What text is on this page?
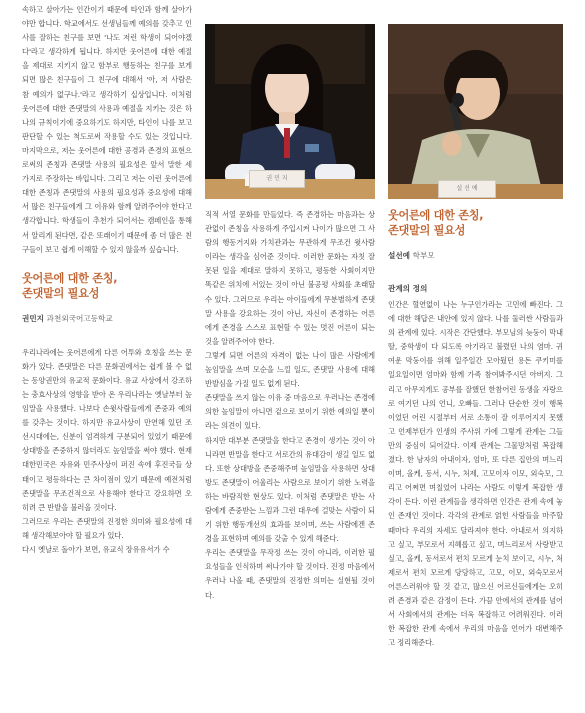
속하고 살아가는 인간이기 때문에 타인과 함께 살아가야만 합니다. 학교에서도 선생님들께 예의를 갖추고 인사를 잘하는 친구를 보면 '나도 저런 학생이 되어야겠다'라고 생각하게 됩니다. 하지만 웃어른에 대한 예절을 제대로 지키지 않고 함부로 행동하는 친구를 보게 되면 많은 친구들이 그 친구에 대해서 '아, 저 사람은 참 예의가 없구나.'라고 생각하기 십상입니다. 이처럼 웃어른에 대한 존댓말의 사용과 예절을 지키는 것은 하나의 규칙이기에 중요하기도 하지만, 타인이 나를 보고 판단할 수 있는 척도로써 작용할 수도 있는 것입니다. 마지막으로, 저는 웃어른에 대한 공경과 존경의 표현으로써의 존칭과 존댓말 사용의 필요성은 앞서 말한 세 가지로 주장하는 바입니다. 그리고 저는 이런 웃어른에 대한 존칭과 존댓말의 사용의 필요성과 중요성에 대해서 많은 친구들에게 그 이유와 함께 알려주어야 한다고 생각합니다. 학생들이 추천가 되어서는 캠페인을 통해서 알리게 된다면, 같은 또래이기 때문에 좀 더 많은 친구들이 보고 쉽게 이해할 수 있지 않을까 싶습니다.

웃어른에 대한 존칭,
존댓말의 필요성

권민지 과천외국어고등학교

우리나라에는 웃어른에게 다른 어투와 호칭을 쓰는 문화가 있다. 존댓말은 다른 문화권에서는 쉽게 볼 수 없는 동양권만의 유교적 문화이다. 유교 사상에서 강조하는 충효사상의 영향을 받아 온 우리나라는 옛날부터 높임말을 사용했다. 나보다 손윗사람들에게 존중과 예의를 갖추는 것이다. 하지만 유교사상이 만연해 있던 조선시대에는, 신분이 엄격하게 구분되어 있었기 때문에 상대방을 존중하지 않더라도 높임말을 써야 했다. 현재 대한민국은 자유와 민주사상이 퍼진 속에 후진국들 상태이고 평등하다는 큰 차이점이 있기 때문에 예전처럼 존댓말을 무조건적으로 사용해야 한다고 강요하면 오히려 큰 반발을 불러올 것이다.

그러므로 우리는 존댓말의 진정한 의미와 필요성에 대해 생각해보아야 할 필요가 있다.

다시 옛날로 돌아가 보면, 유교식 장유유서가 수

권 민 지

직적 서열 문화를 만들었다. 즉 존경하는 마음과는 상관없이 존칭을 사용하게 주입시켜 나이가 많으면 그 사람의 행동거지와 가치관과는 무관하게 무조건 윗사람이라는 생각을 심어준 것이다. 이러한 문화는 자칫 잘못된 일을 제대로 말하지 못하고, 평등한 사회이지만 똑같은 위치에 서있는 것이 아닌 불공평 사회를 초래할 수 있다. 그러므로 우리는 아이들에게 무분별하게 존댓말 사용을 강요하는 것이 아닌, 자신이 존경하는 어른에게 존경을 스스로 표현할 수 있는 멋진 어른이 되는 것을 알려주어야 한다.

그렇게 되면 어른의 자격이 없는 나이 많은 사람에게 높임말을 쓰며 모순을 느낄 일도, 존댓말 사용에 대해 반발심을 가질 일도 없게 된다.

존댓말을 쓰지 않는 이유 중 마음으로 우러나는 존경에 의한 높임말이 아니면 겉으로 보이기 위한 예의일 뿐이라는 의견이 있다.

하지만 대부분 존댓말을 한다고 존경이 생기는 것이 아니라면 반말을 한다고 서로간의 유대감이 생길 일도 없다. 또한 상대방을 존중해주며 높임말을 사용하면 상대방도 존댓말이 어울리는 사람으로 보이기 위한 노력을 하는 바람직한 현상도 있다. 이처럼 존댓말은 받는 사람에게 존중받는 느낌과 그런 대우에 걸맞는 사람이 되기 위한 행동개선의 효과를 보이며, 쓰는 사람에겐 존경을 표현하며 예의를 갖출 수 있게 해준다.

우리는 존댓말을 무작정 쓰는 것이 아니라, 이러한 필요성들을 인식하며 써나가야 할 것이다. 진정 마음에서 우러나 나올 때, 존댓말의 진정한 의미는 실현될 것이다.

설 선 예
웃어른에 대한 존칭,
존댓말의 필요성

설선예 학부모

관계의 정의

인간은 혈연없이 나는 누구인가라는 고민에 빠진다. 그에 대한 해답은 내안에 있지 않다. 나를 둘러싼 사람들과의 관계에 있다. 시작은 간단했다. 부모님의 늦둥이 막내딸, 중학생이 다 되도록 아기라고 불렸던 나의 염마. 귀여운 막둥이를 위해 일주일간 모아뒀던 용돈 쿠키미를 일요일이면 엄마와 함께 가족 참여봐주시던 아버지. 그리고 아무지게도 공부를 잘했던 한참어린 동생을 자랑으로 여기던 나의 언니, 오빠들. 그러나 단순한 것이 행복이었던 어린 시절부터 서로 소통이 잘 이루어지지 못했고 언제부턴가 인생의 주사위 가에 그렇게 관계는 그들만의 중심이 되어갔다. 이제 관계는 그물망처럼 복잡해졌다. 한 남자의 아내이자, 엄마, 또 다른 집안의 며느리이며, 올케, 동서, 시누, 처제, 고모이자 이모, 외숙모, 그리고 어쩌면 며칠었어 나라는 사람도 이렇게 복잡한 생각이 든다. 이런 관계들을 생각하면 인간은 관계 속에 놓인 존재인 것이다. 각각의 관계로 얽힌 사람들을 마주할 때마다 우리의 자세도 달라져야 한다. 아내로서 의지하고 싶고, 부모로서 지혜롭고 싶고, 며느리로서 사랑받고 싶고, 올케, 동서로서 편치 모르게 눈치 보이고, 시누, 처제로서 편치 모르게 당당하고, 고모, 이모, 외숙모로서 어른스러워야 할 것 같고, 많으신 어르신들에게는 오히려 존경과 같은 감정이 든다. 가끔 안에서의 관계를 넘어서 사회에서의 관계는 더욱 복잡하고 어려워진다. 이러한 복잡한 관계 속에서 우리의 마음을 언어가 대변해주고 정리해준다.
